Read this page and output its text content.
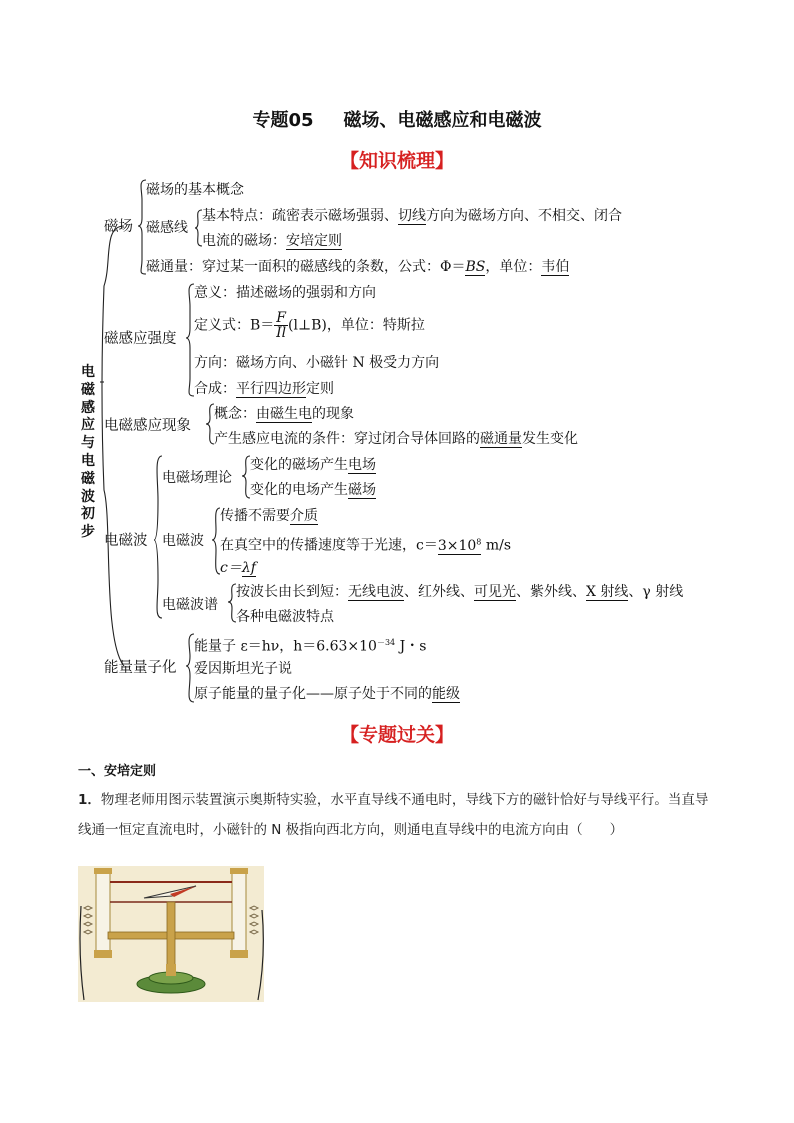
专题05 磁场、电磁感应和电磁波
【知识梳理】
电
磁
感
应
与
电
磁
波
初
步
磁场
磁场的基本概念
磁感线
基本特点：疏密表示磁场强弱、切线方向为磁场方向、不相交、闭合
电流的磁场：安培定则
磁通量：穿过某一面积的磁感线的条数，公式：Φ＝BS，单位：韦伯
磁感应强度
意义：描述磁场的强弱和方向
定义式：$B= \frac{F}{Il}$ (l⊥B)，单位：特斯拉
方向：磁场方向、小磁针 N 极受力方向
合成：平行四边形定则
电磁感应现象
概念：由磁生电的现象
产生感应电流的条件：穿过闭合导体回路的磁通量发生变化
电磁波
电磁场理论
变化的磁场产生电场
变化的电场产生磁场
电磁波
传播不需要介质
在真空中的传播速度等于光速，$c=3\times 10^8$ m/s
c＝λf
电磁波谱
按波长由长到短：无线电波、红外线、可见光、紫外线、X 射线、γ 射线
各种电磁波特点
能量量子化
能量子 ε＝hν，$h=6.63\times 10^{-34}$ J・s
爱因斯坦光子说
原子能量的量子化——原子处于不同的能级
【专题过关】
一、安培定则
1．物理老师用图示装置演示奥斯特实验，水平直导线不通电时，导线下方的磁针恰好与导线平行。当直导
线通一恒定直流电时，小磁针的 N 极指向西北方向，则通电直导线中的电流方向由（　　）
